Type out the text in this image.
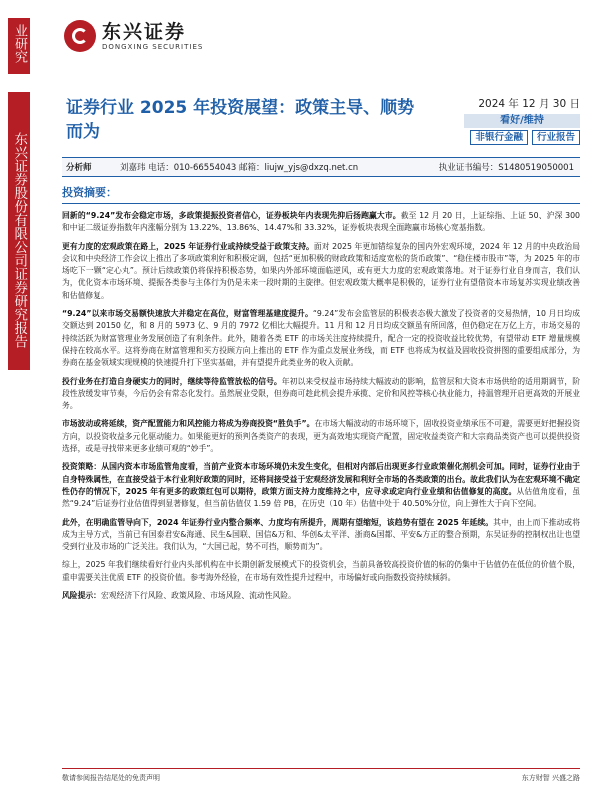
业研究
东兴证券股份有限公司证券研究报告
东兴证券
DONGXING SECURITIES
证券行业 2025 年投资展望：政策主导、顺势而为
2024 年 12 月 30 日
看好/维持
非银行金融	行业报告
分析师	刘嘉玮 电话：010-66554043 邮箱：liujw_yjs@dxzq.net.cn	执业证书编号：S1480519050001
投资摘要：

回新的“9.24”发布会稳定市场，多政策提振投资者信心，证券板块年内表现先抑后扬跑赢大市。截至 12 月 20 日，上证综指、上证 50、沪深 300 和中证二级证券指数年内涨幅分别为 13.22%、13.86%、14.47%和 33.32%，证券板块表现全面跑赢市场核心宽基指数。

更有力度的宏观政策在路上，2025 年证券行业或持续受益于政策支持。面对 2025 年更加错综复杂的国内外宏观环境，2024 年 12 月的中央政治局会议和中央经济工作会议上推出了多项政策利好和积极定调，包括“更加积极的财政政策和适度宽松的货币政策”、“稳住楼市股市”等，为 2025 年的市场吃下一颗“定心丸”。预计后续政策仍将保持积极态势，如果内外部环境面临逆风，或有更大力度的宏观政策落地。对于证券行业自身而言，我们认为，优化资本市场环境、提振各类参与主体行为仍是未来一段时期的主旋律。但宏观政策大概率是积极的，证券行业有望借资本市场复苏实现业绩改善和估值修复。

“9.24”以来市场交易额快速放大并稳定在高位，财富管理基建度提升。“9.24”发布会监管层的积极表态极大激发了投资者的交易热情，10 月日均成交额达到 20150 亿，和 8 月的 5973 亿、9 月的 7972 亿相比大幅提升。11 月和 12 月日均成交额虽有所回落，但仍稳定在万亿上方，市场交易的持续活跃为财富管理业务发展创造了有利条件。此外，随着各类 ETF 的市场关注度持续提升，配合一定的投资收益比较优势，有望带动 ETF 增量规模保持在较高水平。这将券商在财富管理和买方投顾方向上推出的 ETF 作为重点发展业务线，而 ETF 也将成为权益及固收投资拼图的重要组成部分，为券商在基金领域实现规模的快速提升打下坚实基础，并有望提升此类业务的收入贡献。

投行业务在打造自身硬实力的同时，继续等待监管放松的信号。年初以来受权益市场持续大幅波动的影响，监管层和大资本市场供给的适用期调节，阶段性放缓发审节奏，今后仍会有常态化发行。虽然展业受限，但券商可趁此机会提升承揽、定价和风控等核心执业能力，持温管理开启更高效的开展业务。

市场波动或将延续，资产配置能力和风控能力将成为券商投资“胜负手”。在市场大幅波动的市场环境下，固收投资业绩承压不可避，需要更好把握投资方向，以投资收益多元化驱动能力。如果能更好的预判各类资产的表现，更为高效地实现资产配置，固定收益类资产和大宗商品类资产也可以提供投资选择，或是寻找带来更多业绩可观的“妙手”。

投资策略：从国内资本市场监管角度看，当前产业资本市场环境仍未发生变化，但相对内部后出现更多行业政策催化剂机会可加。同时，证券行业由于自身特殊属性，在直接受益于本行业利好政策的同时，还将间接受益于宏观经济发展和利好全市场的各类政策的出台。故此我们认为在宏观环境不确定性仍存的情况下，2025 年有更多的政策红包可以期待，政策方面支持力度维持之中，应寻求或定向行业业绩和估值修复的高度。从估值角度看，虽然“9.24”后证券行业估值得到显著修复，但当前估值仅 1.59 倍 PB，在历史（10 年）估值中处于 40.50%分位，向上弹性大于向下空间。

此外，在明确监管导向下，2024 年证券行业内整合频率、力度均有所提升，周期有望缩短，该趋势有望在 2025 年延续。其中，由上而下推动或将成为主导方式，当前已有国泰君安&海通、民生&国联、国信&万和、华创&太平洋、浙商&国都、平安&方正的整合预期，东吴证券的控制权出让也望受到行业及市场的广泛关注。我们认为，“大国已起，势不可挡，顺势而为”。

综上，2025 年我们继续看好行业内头部机构在中长期创新发展模式下的投资机会，当前具备较高投资价值的标的仍集中于估值仍在低位的价值个股，重申需要关注优质 ETF 的投资价值。参考海外经验，在市场有效性提升过程中，市场偏好或向指数投资持续倾斜。

风险提示：宏观经济下行风险、政策风险、市场风险、流动性风险。

敬请参阅报告结尾处的免责声明	东方财智 兴盛之路
